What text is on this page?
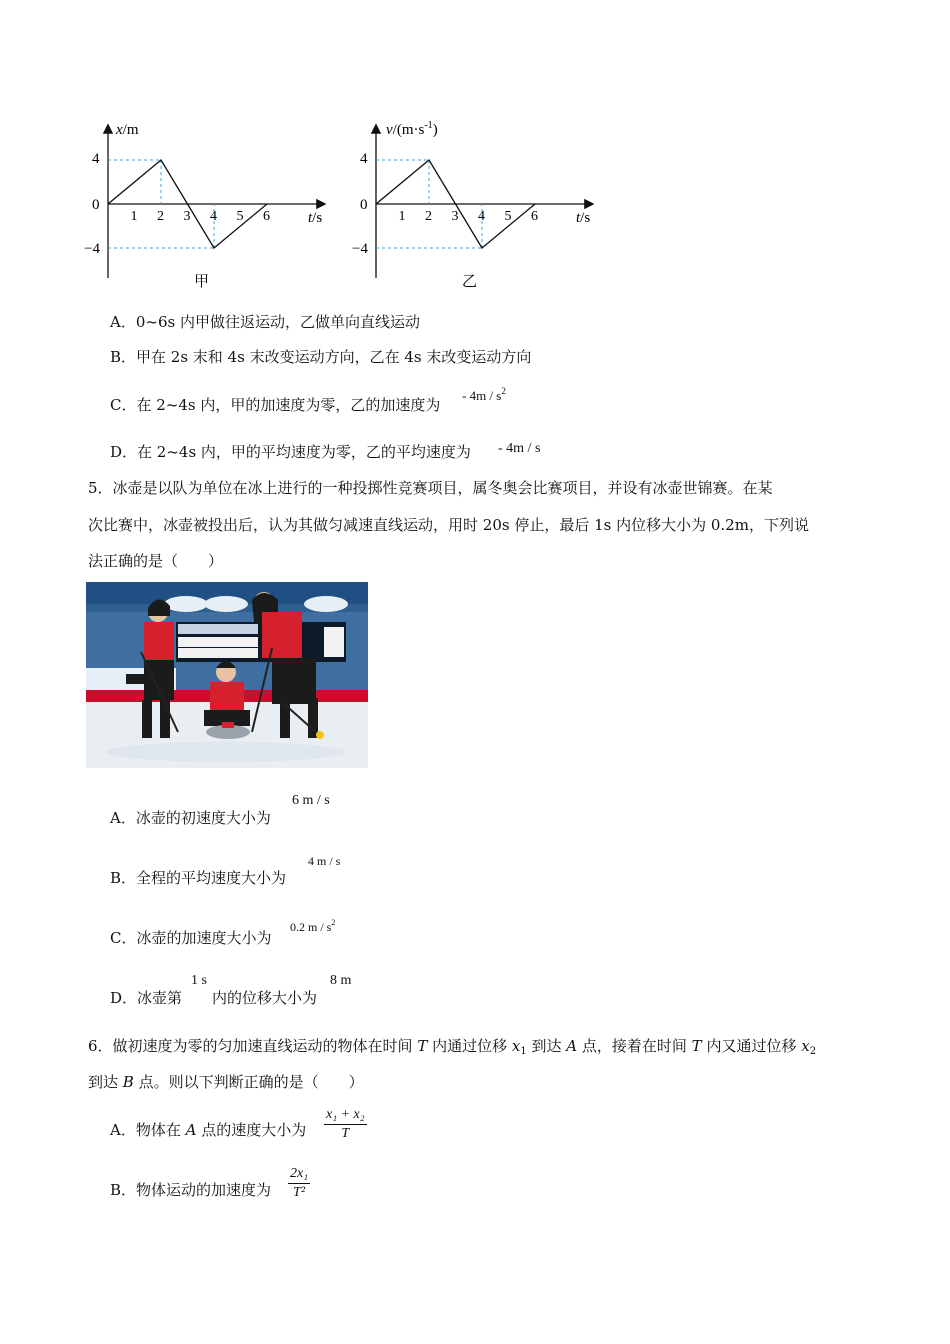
x/m
t/s
4
0
−4
1 2 3 4 5 6
甲
$v/(m\cdot s^{-1})$
t/s
4
0
−4
1 2 3 4 5 6
乙
A．0~6s 内甲做往返运动，乙做单向直线运动
B．甲在 2s 末和 4s 末改变运动方向，乙在 4s 末改变运动方向
C．在 2~4s 内，甲的加速度为零，乙的加速度为
- $4m / s^2$
D．在 2~4s 内，甲的平均速度为零，乙的平均速度为 - 4m / s
5．冰壶是以队为单位在冰上进行的一种投掷性竞赛项目，属冬奥会比赛项目，并设有冰壶世锦赛。在某
次比赛中，冰壶被投出后，认为其做匀减速直线运动，用时 20s 停止，最后 1s 内位移大小为 0.2m，下列说
法正确的是（　　）
A．冰壶的初速度大小为
6 m / s
B．全程的平均速度大小为
4 m / s
C．冰壶的加速度大小为
0.2 m / $s^2$
D．冰壶第
1 s
内的位移大小为
8 m
6．做初速度为零的匀加速直线运动的物体在时间 T 内通过位移 $x_1$ 到达 A 点，接着在时间 T 内又通过位移 $x_2$
到达 B 点。则以下判断正确的是（　　）
A．物体在 A 点的速度大小为
x₁ + x₂
T
B．物体运动的加速度为
2x₁
T²
